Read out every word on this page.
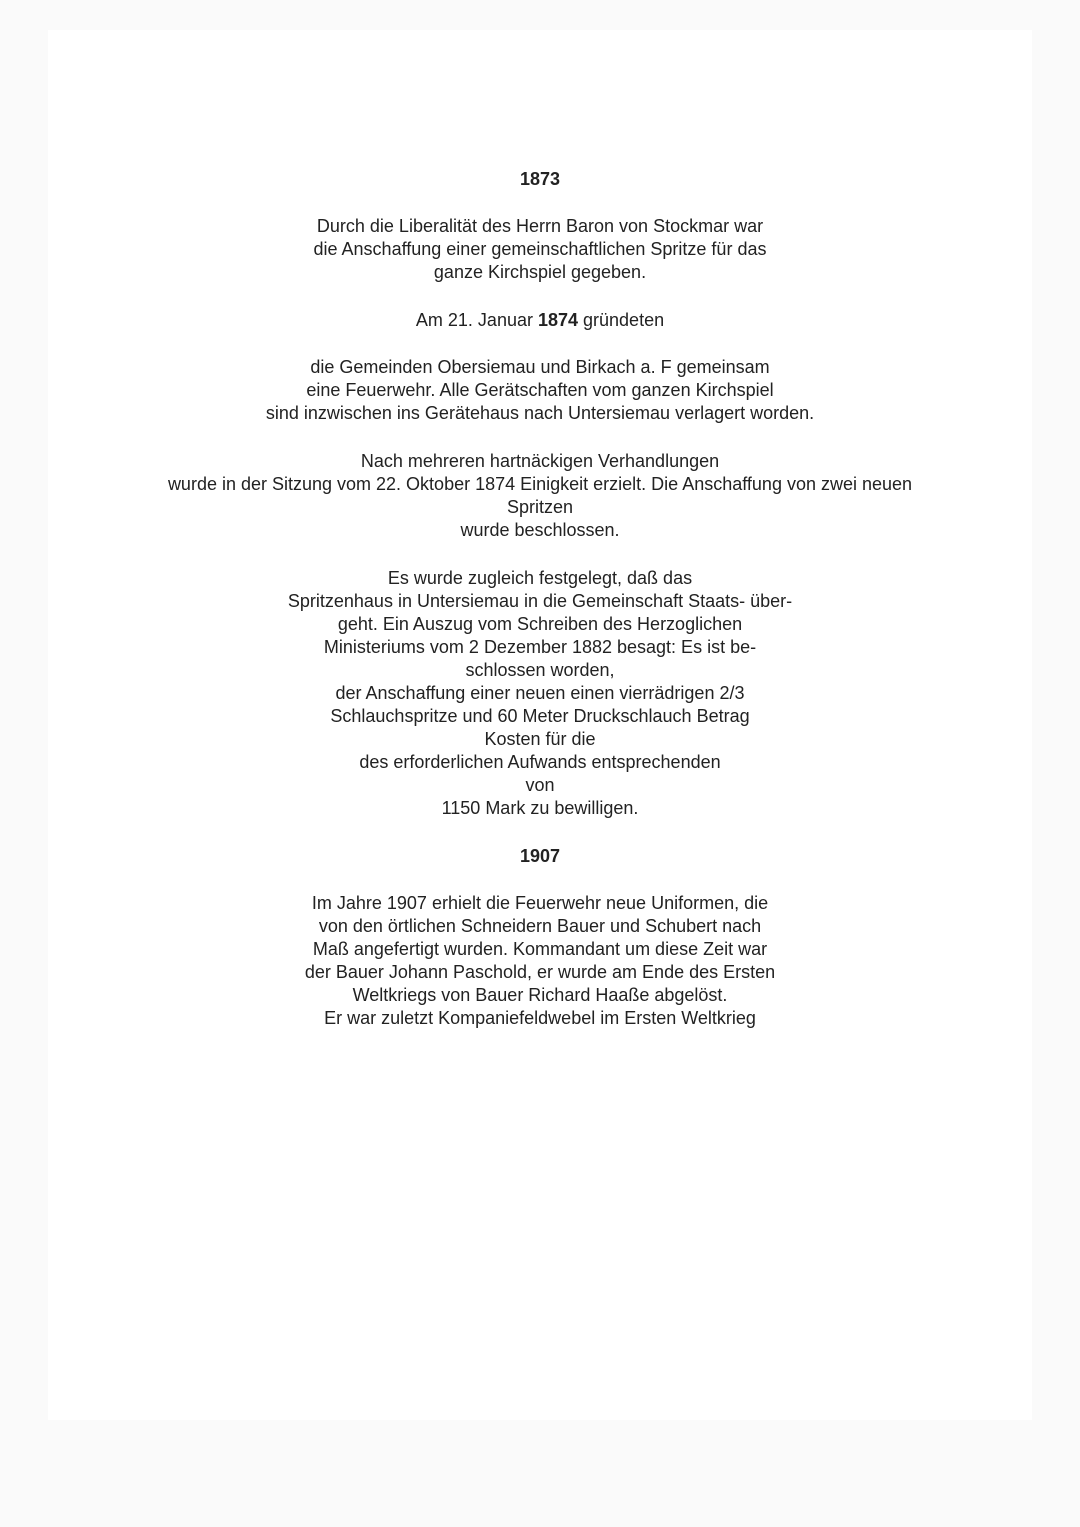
1873
Durch die Liberalität des Herrn Baron von Stockmar war
die Anschaffung einer gemeinschaftlichen Spritze für das
ganze Kirchspiel gegeben.
Am 21. Januar 1874 gründeten
die Gemeinden Obersiemau und Birkach a. F gemeinsam
eine Feuerwehr. Alle Gerätschaften vom ganzen Kirchspiel
sind inzwischen ins Gerätehaus nach Untersiemau verlagert worden.
Nach mehreren hartnäckigen Verhandlungen
wurde in der Sitzung vom 22. Oktober 1874 Einigkeit erzielt. Die Anschaffung von zwei neuen
Spritzen
wurde beschlossen.
Es wurde zugleich festgelegt, daß das
Spritzenhaus in Untersiemau in die Gemeinschaft Staats- über-
geht. Ein Auszug vom Schreiben des Herzoglichen
Ministeriums vom 2 Dezember 1882 besagt: Es ist be-
schlossen worden,
der Anschaffung einer neuen einen vierrädrigen 2/3
Schlauchspritze und 60 Meter Druckschlauch Betrag
Kosten für die
des erforderlichen Aufwands entsprechenden
von
1150 Mark zu bewilligen.
1907
Im Jahre 1907 erhielt die Feuerwehr neue Uniformen, die
von den örtlichen Schneidern Bauer und Schubert nach
Maß angefertigt wurden. Kommandant um diese Zeit war
der Bauer Johann Paschold, er wurde am Ende des Ersten
Weltkriegs von Bauer Richard Haaße abgelöst.
Er war zuletzt Kompaniefeldwebel im Ersten Weltkrieg
